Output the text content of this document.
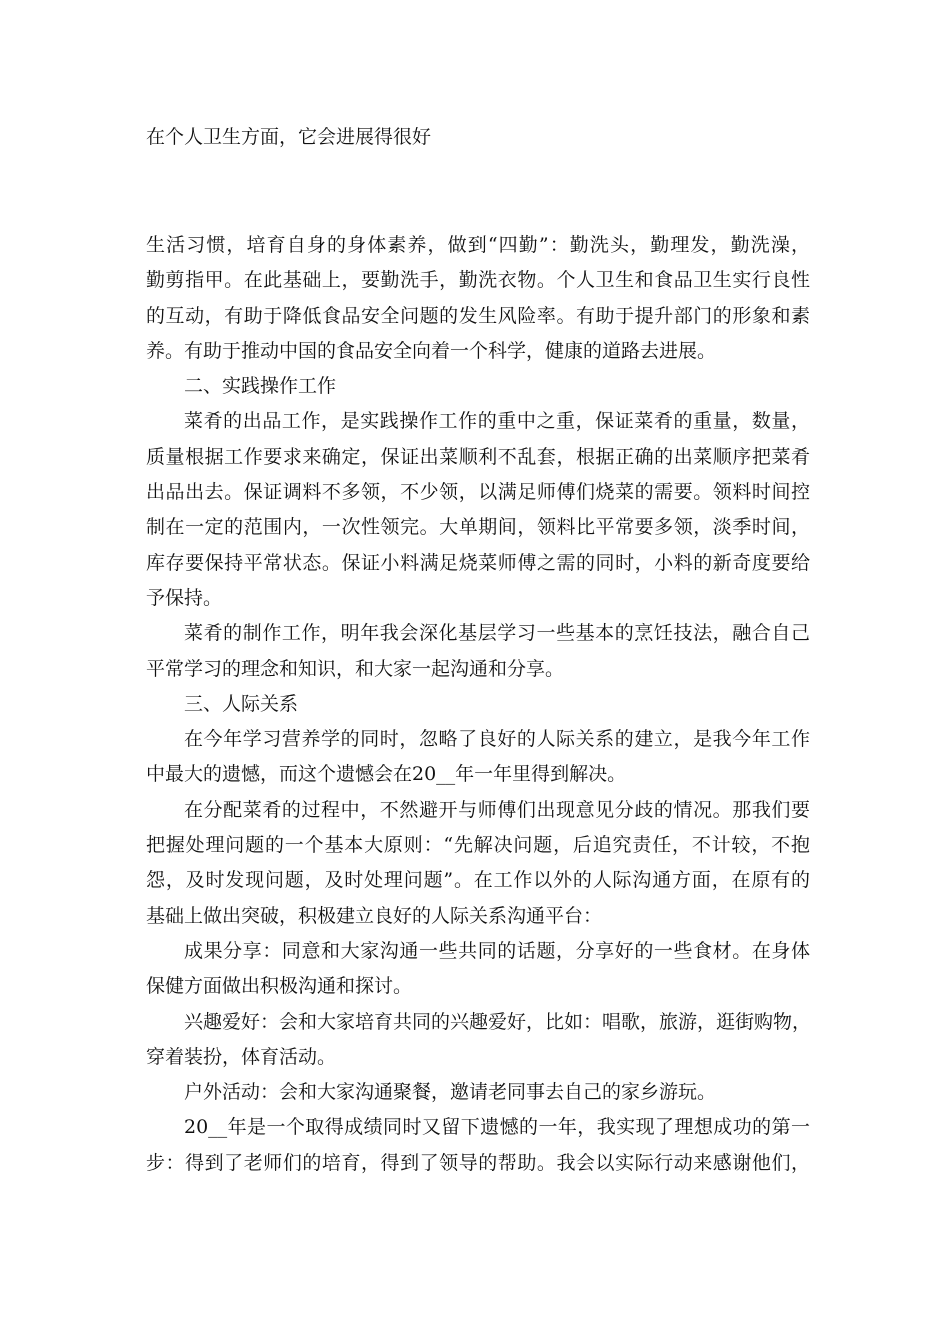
在个人卫生方面，它会进展得很好
生活习惯，培育自身的身体素养，做到“四勤”：勤洗头，勤理发，勤洗澡，
勤剪指甲。在此基础上，要勤洗手，勤洗衣物。个人卫生和食品卫生实行良性
的互动，有助于降低食品安全问题的发生风险率。有助于提升部门的形象和素
养。有助于推动中国的食品安全向着一个科学，健康的道路去进展。
二、实践操作工作
菜肴的出品工作，是实践操作工作的重中之重，保证菜肴的重量，数量，
质量根据工作要求来确定，保证出菜顺利不乱套，根据正确的出菜顺序把菜肴
出品出去。保证调料不多领，不少领，以满足师傅们烧菜的需要。领料时间控
制在一定的范围内，一次性领完。大单期间，领料比平常要多领，淡季时间，
库存要保持平常状态。保证小料满足烧菜师傅之需的同时，小料的新奇度要给
予保持。
菜肴的制作工作，明年我会深化基层学习一些基本的烹饪技法，融合自己
平常学习的理念和知识，和大家一起沟通和分享。
三、人际关系
在今年学习营养学的同时，忽略了良好的人际关系的建立，是我今年工作
中最大的遗憾，而这个遗憾会在20__年一年里得到解决。
在分配菜肴的过程中，不然避开与师傅们出现意见分歧的情况。那我们要
把握处理问题的一个基本大原则：“先解决问题，后追究责任，不计较，不抱
怨，及时发现问题，及时处理问题”。在工作以外的人际沟通方面，在原有的
基础上做出突破，积极建立良好的人际关系沟通平台：
成果分享：同意和大家沟通一些共同的话题，分享好的一些食材。在身体
保健方面做出积极沟通和探讨。
兴趣爱好：会和大家培育共同的兴趣爱好，比如：唱歌，旅游，逛街购物，
穿着装扮，体育活动。
户外活动：会和大家沟通聚餐，邀请老同事去自己的家乡游玩。
20__年是一个取得成绩同时又留下遗憾的一年，我实现了理想成功的第一
步：得到了老师们的培育，得到了领导的帮助。我会以实际行动来感谢他们，
